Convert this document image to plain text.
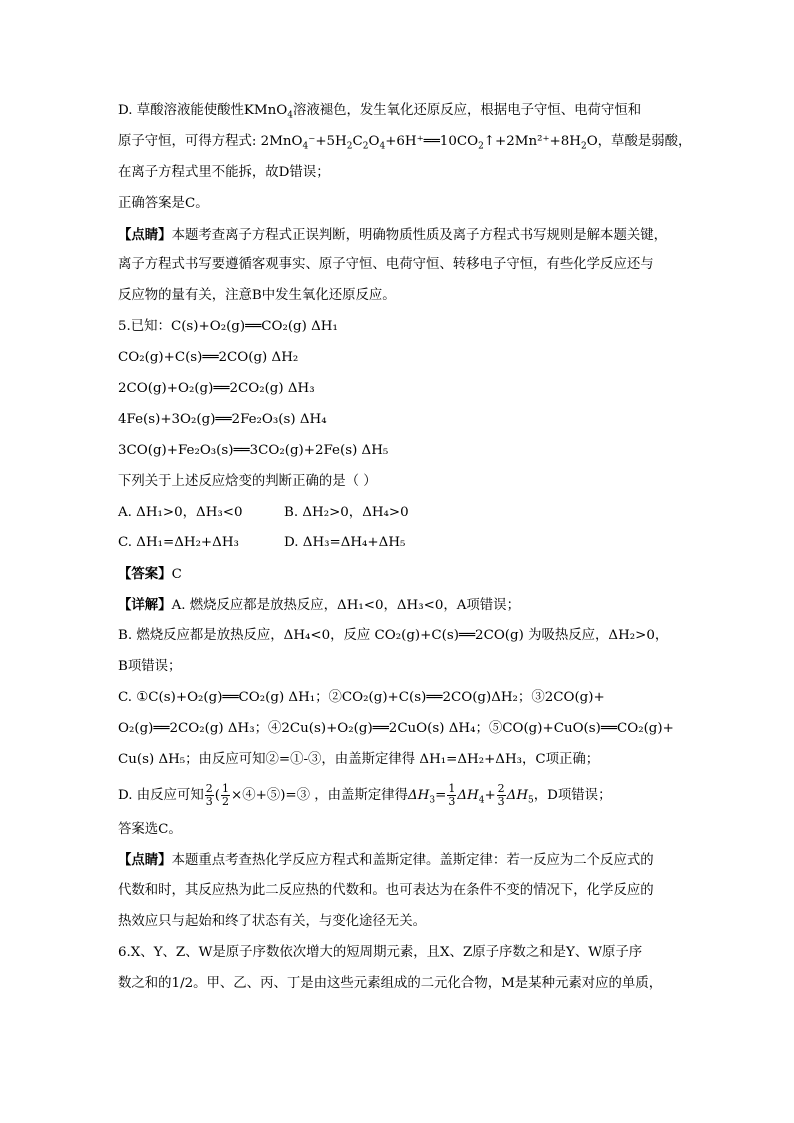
D. 草酸溶液能使酸性KMnO$_4$溶液褪色，发生氧化还原反应，根据电子守恒、电荷守恒和
原子守恒，可得方程式: $2MnO_4^-+5H_2C_2O_4+6H^+══10CO_2↑+2Mn^{2+}+8H_2O$，草酸是弱酸，
在离子方程式里不能拆，故D错误；
正确答案是C。
【点睛】本题考查离子方程式正误判断，明确物质性质及离子方程式书写规则是解本题关键，
离子方程式书写要遵循客观事实、原子守恒、电荷守恒、转移电子守恒，有些化学反应还与
反应物的量有关，注意B中发生氧化还原反应。
5.已知：C(s)+O₂(g)══CO₂(g) ΔH₁
CO₂(g)+C(s)══2CO(g) ΔH₂
2CO(g)+O₂(g)══2CO₂(g) ΔH₃
4Fe(s)+3O₂(g)══2Fe₂O₃(s) ΔH₄
3CO(g)+Fe₂O₃(s)══3CO₂(g)+2Fe(s) ΔH₅
下列关于上述反应焓变的判断正确的是（ ）
A. ΔH₁>0，ΔH₃<0	B. ΔH₂>0，ΔH₄>0
C. ΔH₁=ΔH₂+ΔH₃	D. ΔH₃=ΔH₄+ΔH₅
【答案】C
【详解】A. 燃烧反应都是放热反应，ΔH₁<0，ΔH₃<0，A项错误；
B. 燃烧反应都是放热反应，ΔH₄<0，反应 CO₂(g)+C(s)══2CO(g) 为吸热反应，ΔH₂>0，
B项错误；
C. ①C(s)+O₂(g)══CO₂(g) ΔH₁；②CO₂(g)+C(s)══2CO(g)ΔH₂；③2CO(g)+
O₂(g)══2CO₂(g) ΔH₃；④2Cu(s)+O₂(g)══2CuO(s) ΔH₄；⑤CO(g)+CuO(s)══CO₂(g)+
Cu(s) ΔH₅；由反应可知②=①-③，由盖斯定律得 ΔH₁=ΔH₂+ΔH₃，C项正确；
D. 由反应可知 $\frac{2}{3}$ ( $\frac{1}{2}$ ×④+⑤)=③ ，由盖斯定律得$\Delta H_3= \frac{1}{3} \Delta H_4+ \frac{2}{3} \Delta H_5$，D项错误；
答案选C。
【点睛】本题重点考查热化学反应方程式和盖斯定律。盖斯定律：若一反应为二个反应式的
代数和时，其反应热为此二反应热的代数和。也可表达为在条件不变的情况下，化学反应的
热效应只与起始和终了状态有关，与变化途径无关。
6.X、Y、Z、W是原子序数依次增大的短周期元素，且X、Z原子序数之和是Y、W原子序
数之和的1/2。甲、乙、丙、丁是由这些元素组成的二元化合物，M是某种元素对应的单质，
